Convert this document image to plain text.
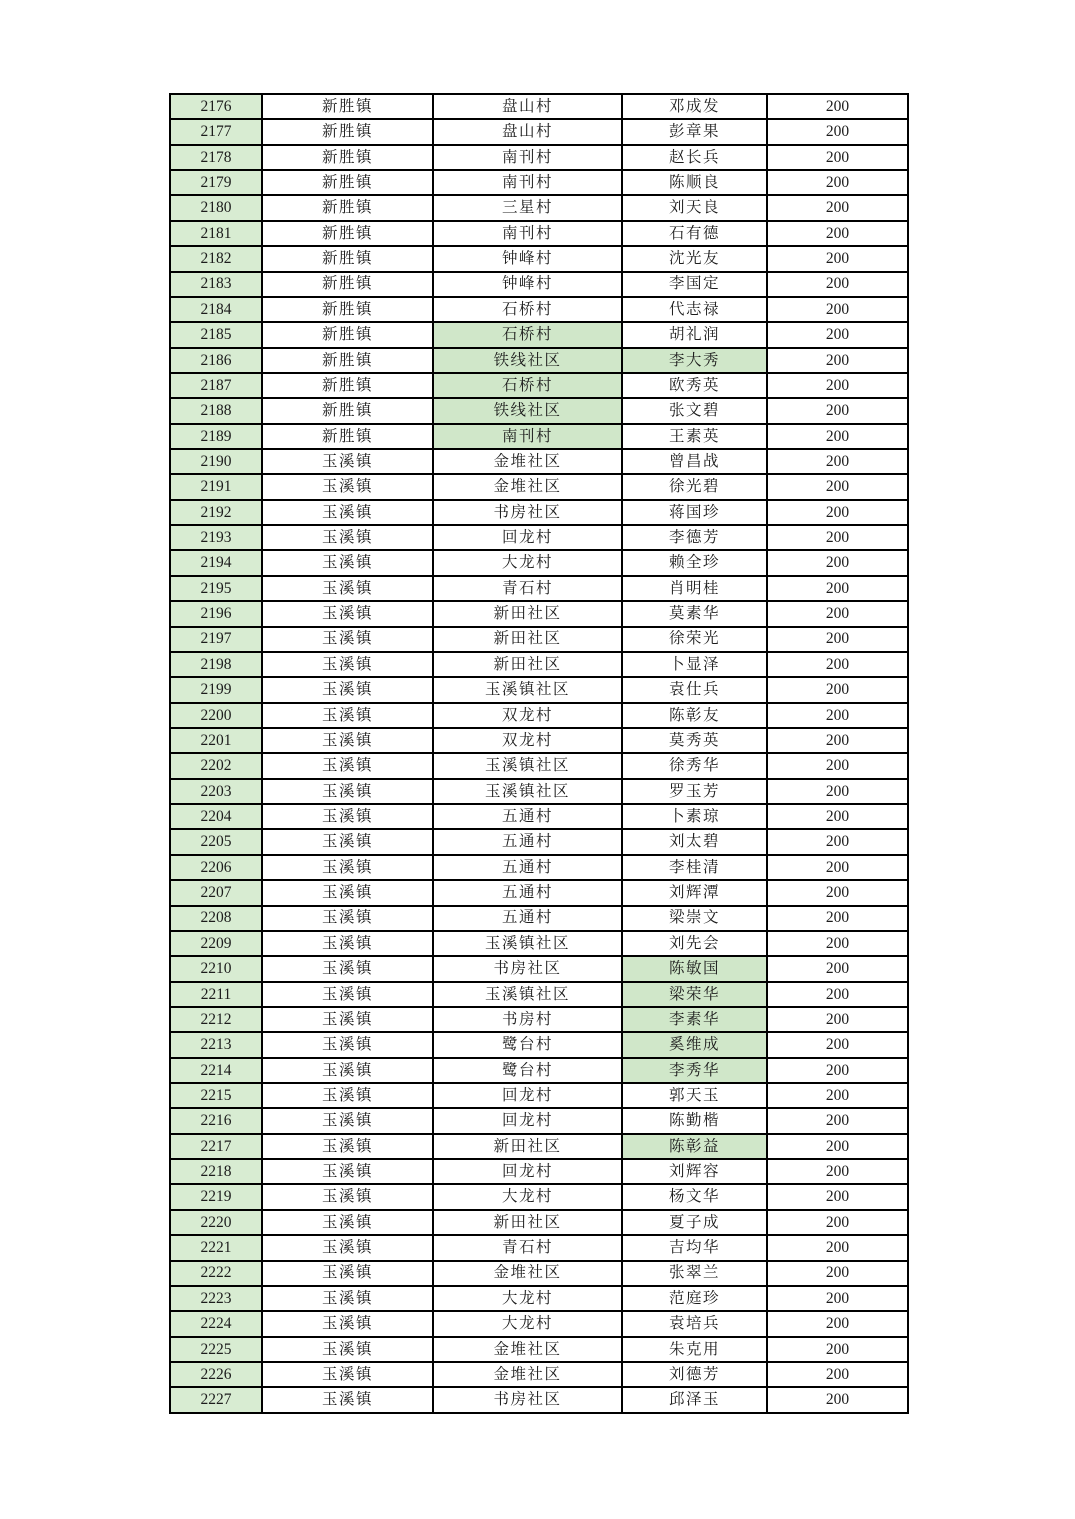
2176	新胜镇	盘山村	邓成发	200
2177	新胜镇	盘山村	彭章果	200
2178	新胜镇	南刊村	赵长兵	200
2179	新胜镇	南刊村	陈顺良	200
2180	新胜镇	三星村	刘天良	200
2181	新胜镇	南刊村	石有德	200
2182	新胜镇	钟峰村	沈光友	200
2183	新胜镇	钟峰村	李国定	200
2184	新胜镇	石桥村	代志禄	200
2185	新胜镇	石桥村	胡礼润	200
2186	新胜镇	铁线社区	李大秀	200
2187	新胜镇	石桥村	欧秀英	200
2188	新胜镇	铁线社区	张文碧	200
2189	新胜镇	南刊村	王素英	200
2190	玉溪镇	金堆社区	曾昌战	200
2191	玉溪镇	金堆社区	徐光碧	200
2192	玉溪镇	书房社区	蒋国珍	200
2193	玉溪镇	回龙村	李德芳	200
2194	玉溪镇	大龙村	赖全珍	200
2195	玉溪镇	青石村	肖明桂	200
2196	玉溪镇	新田社区	莫素华	200
2197	玉溪镇	新田社区	徐荣光	200
2198	玉溪镇	新田社区	卜显泽	200
2199	玉溪镇	玉溪镇社区	袁仕兵	200
2200	玉溪镇	双龙村	陈彰友	200
2201	玉溪镇	双龙村	莫秀英	200
2202	玉溪镇	玉溪镇社区	徐秀华	200
2203	玉溪镇	玉溪镇社区	罗玉芳	200
2204	玉溪镇	五通村	卜素琼	200
2205	玉溪镇	五通村	刘太碧	200
2206	玉溪镇	五通村	李桂清	200
2207	玉溪镇	五通村	刘辉潭	200
2208	玉溪镇	五通村	梁崇文	200
2209	玉溪镇	玉溪镇社区	刘先会	200
2210	玉溪镇	书房社区	陈敏国	200
2211	玉溪镇	玉溪镇社区	梁荣华	200
2212	玉溪镇	书房村	李素华	200
2213	玉溪镇	鹭台村	奚维成	200
2214	玉溪镇	鹭台村	李秀华	200
2215	玉溪镇	回龙村	郭天玉	200
2216	玉溪镇	回龙村	陈勤楷	200
2217	玉溪镇	新田社区	陈彰益	200
2218	玉溪镇	回龙村	刘辉容	200
2219	玉溪镇	大龙村	杨文华	200
2220	玉溪镇	新田社区	夏子成	200
2221	玉溪镇	青石村	吉均华	200
2222	玉溪镇	金堆社区	张翠兰	200
2223	玉溪镇	大龙村	范庭珍	200
2224	玉溪镇	大龙村	袁培兵	200
2225	玉溪镇	金堆社区	朱克用	200
2226	玉溪镇	金堆社区	刘德芳	200
2227	玉溪镇	书房社区	邱泽玉	200
